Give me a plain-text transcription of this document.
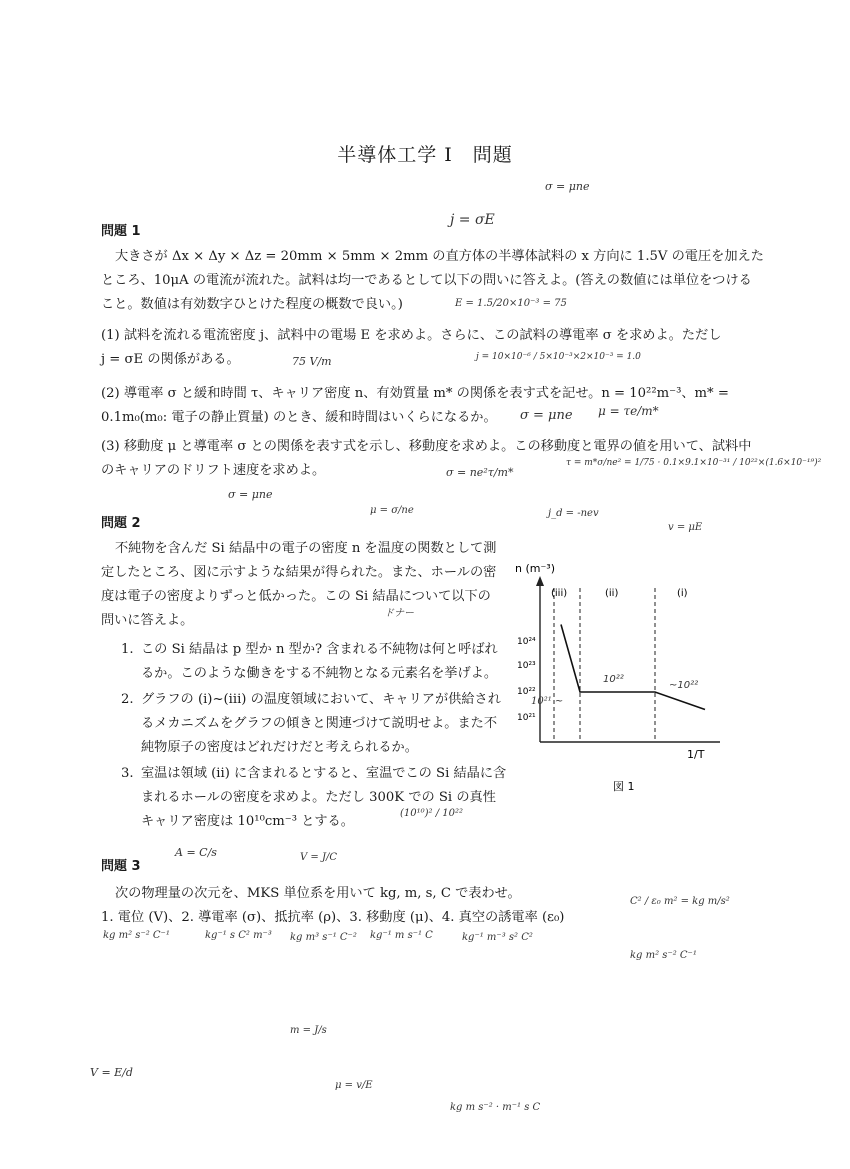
半導体工学 I　問題
問題 1
大きさが Δx × Δy × Δz = 20mm × 5mm × 2mm の直方体の半導体試料の x 方向に 1.5V の電圧を加えた
ところ、10μA の電流が流れた。試料は均一であるとして以下の問いに答えよ。(答えの数値には単位をつける
こと。数値は有効数字ひとけた程度の概数で良い。)
(1) 試料を流れる電流密度 j、試料中の電場 E を求めよ。さらに、この試料の導電率 σ を求めよ。ただし
j = σE の関係がある。
(2) 導電率 σ と緩和時間 τ、キャリア密度 n、有効質量 m* の関係を表す式を記せ。n = 10²²m⁻³、m* =
0.1m₀(m₀: 電子の静止質量) のとき、緩和時間はいくらになるか。
(3) 移動度 μ と導電率 σ との関係を表す式を示し、移動度を求めよ。この移動度と電界の値を用いて、試料中
のキャリアのドリフト速度を求めよ。
問題 2
不純物を含んだ Si 結晶中の電子の密度 n を温度の関数として測
定したところ、図に示すような結果が得られた。また、ホールの密
度は電子の密度よりずっと低かった。この Si 結晶について以下の
問いに答えよ。
1. この Si 結晶は p 型か n 型か? 含まれる不純物は何と呼ばれ
るか。このような働きをする不純物となる元素名を挙げよ。
2. グラフの (i)~(iii) の温度領域において、キャリアが供給され
るメカニズムをグラフの傾きと関連づけて説明せよ。また不
純物原子の密度はどれだけだと考えられるか。
3. 室温は領域 (ii) に含まれるとすると、室温でこの Si 結晶に含
まれるホールの密度を求めよ。ただし 300K での Si の真性
キャリア密度は 10¹⁰cm⁻³ とする。
n (m⁻³)
1/T
10²⁴
10²³
10²²
10²¹
(iii)	(ii)	(i)
図 1
10²¹ ~
10²²
~10²²
問題 3
次の物理量の次元を、MKS 単位系を用いて kg, m, s, C で表わせ。
1. 電位 (V)、2. 導電率 (σ)、抵抗率 (ρ)、3. 移動度 (μ)、4. 真空の誘電率 (ε₀)
σ = μne
j = σE
E = 1.5/20×10⁻³ = 75
75 V/m	j = 10×10⁻⁶ / 5×10⁻³×2×10⁻³ = 1.0
σ = μne μ = τe/m*
σ = ne²τ/m*
τ = m*σ/ne² = 1/75 · 0.1×9.1×10⁻³¹ / 10²²×(1.6×10⁻¹⁹)²
σ = μne
μ = σ/ne	j_d = -nev
v = μE
ドナー
(10¹⁰)² / 10²²
A = C/s	V = J/C
kg m² s⁻² C⁻¹	kg⁻¹ s C² m⁻³ kg m³ s⁻¹ C⁻² kg⁻¹ m s⁻¹ C	kg⁻¹ m⁻³ s² C²
C² / ε₀ m² = kg m/s²
kg m² s⁻² C⁻¹
m = J/s
V = E/d
μ = v/E
kg m s⁻² · m⁻¹ s C
